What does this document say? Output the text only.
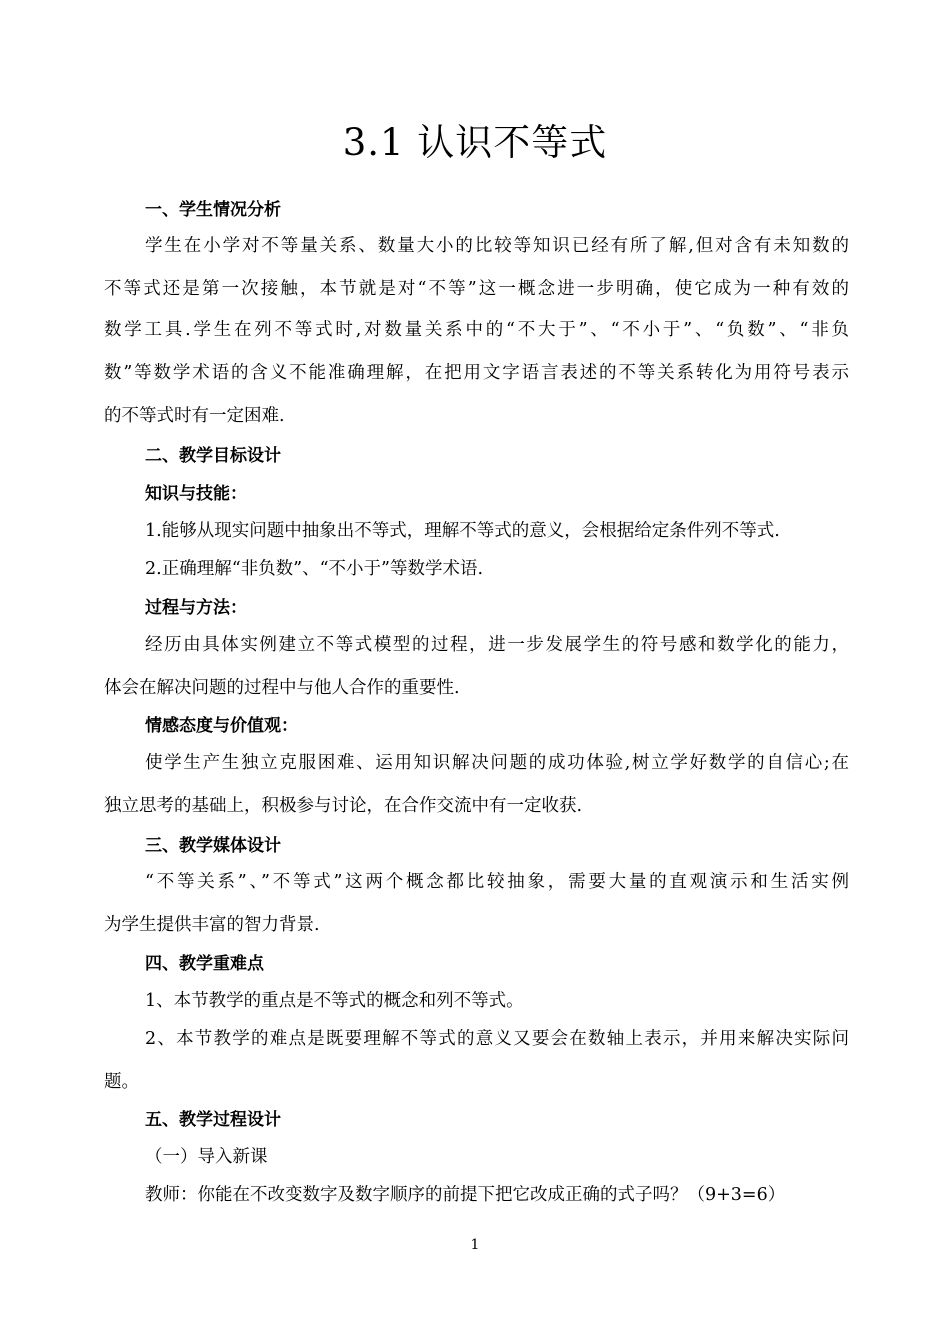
3.1 认识不等式
一、学生情况分析
学生在小学对不等量关系、数量大小的比较等知识已经有所了解,但对含有未知数的
不等式还是第一次接触，本节就是对“不等”这一概念进一步明确，使它成为一种有效的
数学工具.学生在列不等式时,对数量关系中的“不大于”、“不小于”、“负数”、“非负
数”等数学术语的含义不能准确理解，在把用文字语言表述的不等关系转化为用符号表示
的不等式时有一定困难.
二、教学目标设计
知识与技能：
1.能够从现实问题中抽象出不等式，理解不等式的意义，会根据给定条件列不等式.
2.正确理解“非负数”、“不小于”等数学术语.
过程与方法：
经历由具体实例建立不等式模型的过程，进一步发展学生的符号感和数学化的能力，
体会在解决问题的过程中与他人合作的重要性.
情感态度与价值观：
使学生产生独立克服困难、运用知识解决问题的成功体验,树立学好数学的自信心;在
独立思考的基础上，积极参与讨论，在合作交流中有一定收获.
三、教学媒体设计
“不等关系”、”不等式”这两个概念都比较抽象，需要大量的直观演示和生活实例
为学生提供丰富的智力背景.
四、教学重难点
1、本节教学的重点是不等式的概念和列不等式。
2、本节教学的难点是既要理解不等式的意义又要会在数轴上表示，并用来解决实际问
题。
五、教学过程设计
（一）导入新课
教师：你能在不改变数字及数字顺序的前提下把它改成正确的式子吗？（9+3=6）
1
